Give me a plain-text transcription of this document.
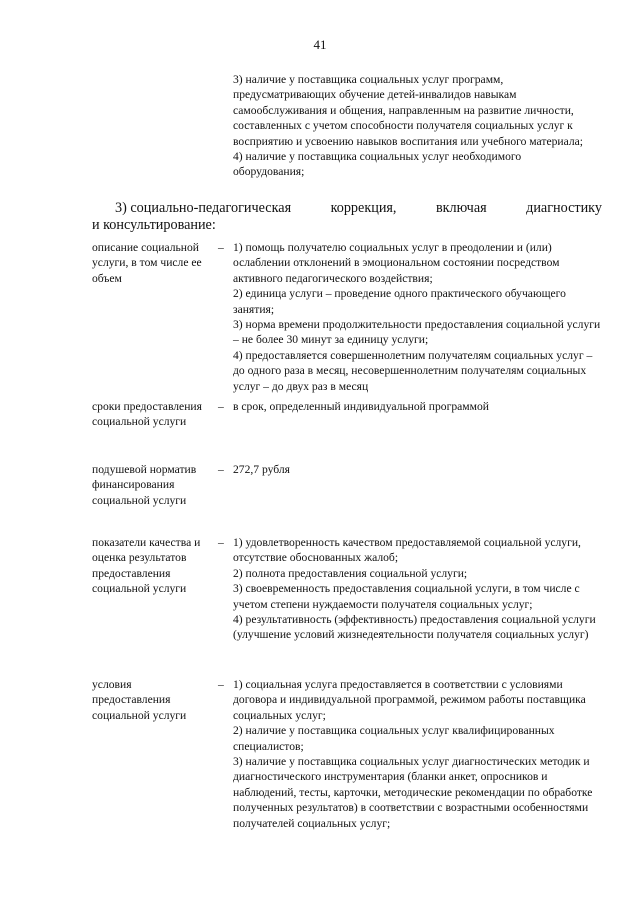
41

3) наличие у поставщика социальных услуг программ, предусматривающих обучение детей-инвалидов навыкам самообслуживания и общения, направленным на развитие личности, составленных с учетом способности получателя социальных услуг к восприятию и усвоению навыков воспитания или учебного материала;

4) наличие у поставщика социальных услуг необходимого оборудования;

3) социально-педагогическая	коррекция,	включая	диагностику
и консультирование:
описание социальной услуги, в том числе ее объем
– 1) помощь получателю социальных услуг в преодолении и (или) ослаблении отклонений в эмоциональном состоянии посредством активного педагогического воздействия;

2) единица услуги – проведение одного практического обучающего занятия;

3) норма времени продолжительности предоставления социальной услуги – не более 30 минут за единицу услуги;

4) предоставляется совершеннолетним получателям социальных услуг – до одного раза в месяц, несовершеннолетним получателям социальных услуг – до двух раз в месяц

сроки предоставления социальной услуги
– в срок, определенный индивидуальной программой

подушевой норматив финансирования социальной услуги
– 272,7 рубля

показатели качества и оценка результатов предоставления социальной услуги
– 1) удовлетворенность качеством предоставляемой социальной услуги, отсутствие обоснованных жалоб;

2) полнота предоставления социальной услуги;

3) своевременность предоставления социальной услуги, в том числе с учетом степени нуждаемости получателя социальных услуг;

4) результативность (эффективность) предоставления социальной услуги (улучшение условий жизнедеятельности получателя социальных услуг)

условия предоставления социальной услуги
– 1) социальная услуга предоставляется в соответствии с условиями договора и индивидуальной программой, режимом работы поставщика социальных услуг;

2) наличие у поставщика социальных услуг квалифицированных специалистов;

3) наличие у поставщика социальных услуг диагностических методик и диагностического инструментария (бланки анкет, опросников и наблюдений, тесты, карточки, методические рекомендации по обработке полученных результатов) в соответствии с возрастными особенностями получателей социальных услуг;
